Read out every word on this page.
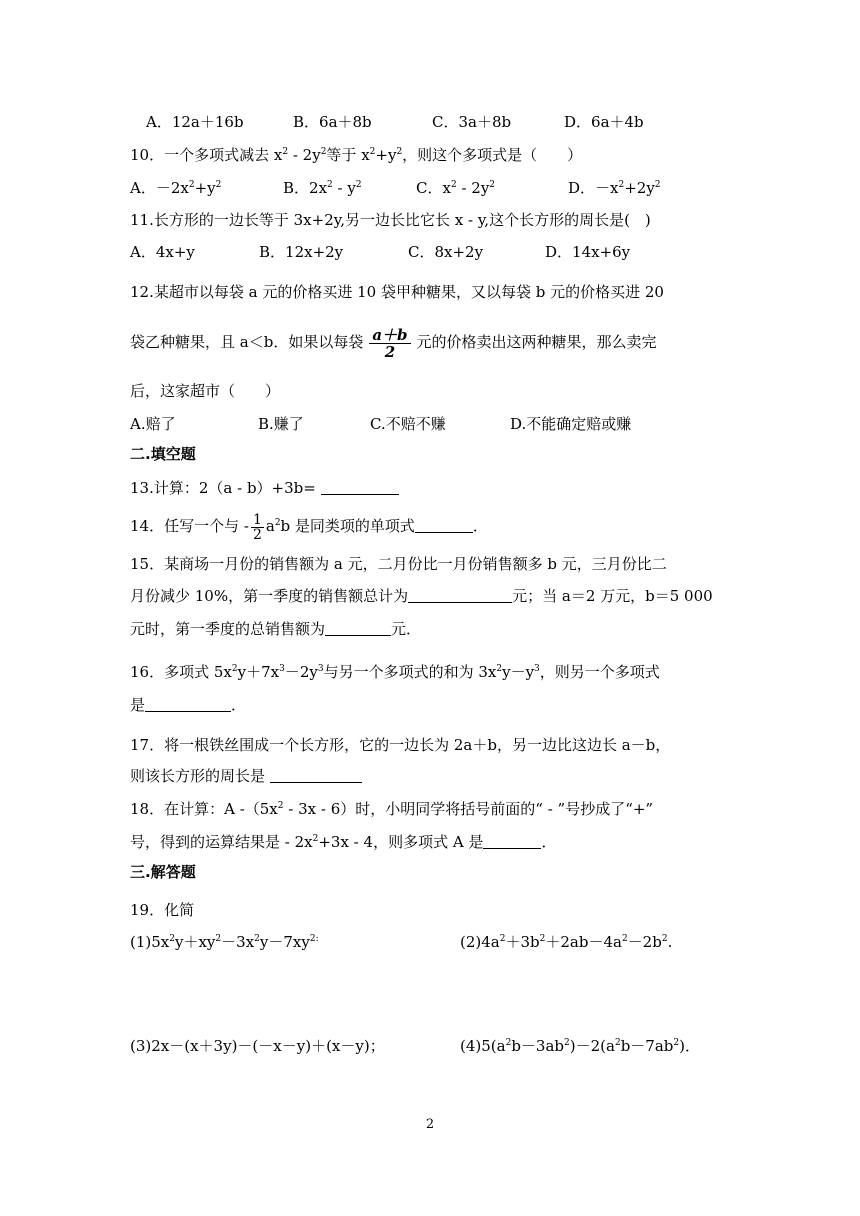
A．12a＋16b	B．6a＋8b	C．3a＋8b	D．6a＋4b
10．一个多项式减去 $x^2 - 2y^2$等于 $x^2+y^2$，则这个多项式是（　　）
A．$-2x^2+y^2$	B．$2x^2 - y^2$	C．$x^2 - 2y^2$	D．$-x^2+2y^2$
11.长方形的一边长等于 3x+2y,另一边长比它长 x - y,这个长方形的周长是(　)
A．4x+y	B．12x+2y	C．8x+2y	D．14x+6y
12.某超市以每袋 a 元的价格买进 10 袋甲种糖果，又以每袋 b 元的价格买进 20
袋乙种糖果，且 a＜b．如果以每袋 $\frac{a+b}{2}$ 元的价格卖出这两种糖果，那么卖完
后，这家超市（　　）
A.赔了	B.赚了	C.不赔不赚	D.不能确定赔或赚
二.填空题
13.计算：2（a - b）+3b=
14．任写一个与 - $\frac{1}{2} a^2b$ 是同类项的单项式	．
15．某商场一月份的销售额为 a 元，二月份比一月份销售额多 b 元，三月份比二
月份减少 10%，第一季度的销售额总计为	元；当 a＝2 万元，b＝5 000
元时，第一季度的总销售额为	元．
16．多项式 $5x^2y+7x^3-2y^3$与另一个多项式的和为 $3x^2y-y^3$，则另一个多项式
是	．
17．将一根铁丝围成一个长方形，它的一边长为 2a＋b，另一边比这边长 a－b，
则该长方形的周长是
18．在计算：A $-(5x^2 - 3x - 6)$时，小明同学将括号前面的“ - ”号抄成了“+”
号，得到的运算结果是 - $2x^2+3x - 4$，则多项式 A 是	．
三.解答题
19．化简
$(1)5x^2y+xy^2-3x^2y-7xy^{2:}$	$(2)4a^2+3b^2+2ab-4a^2-2b^2$.
(3)2x－(x＋3y)－(－x－y)＋(x－y)；	$(4)5(a^2b-3ab^2)-2(a^2b-7ab^2)$．
2
